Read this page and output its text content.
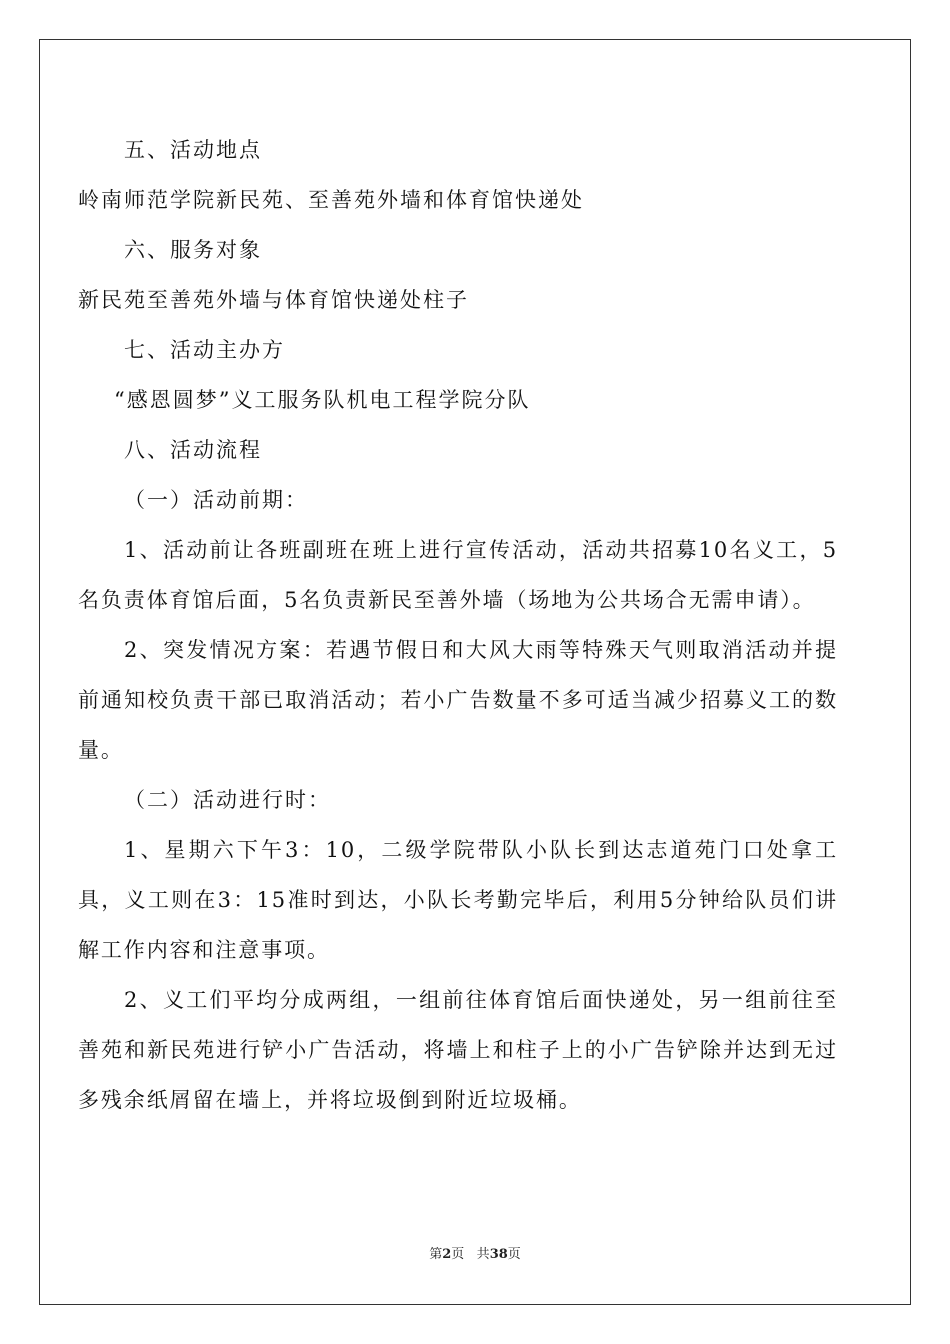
五、活动地点
岭南师范学院新民苑、至善苑外墙和体育馆快递处
六、服务对象
新民苑至善苑外墙与体育馆快递处柱子
七、活动主办方
“感恩圆梦”义工服务队机电工程学院分队
八、活动流程
（一）活动前期：
1、活动前让各班副班在班上进行宣传活动，活动共招募10名义工，5名负责体育馆后面，5名负责新民至善外墙（场地为公共场合无需申请）。
2、突发情况方案：若遇节假日和大风大雨等特殊天气则取消活动并提前通知校负责干部已取消活动；若小广告数量不多可适当减少招募义工的数量。
（二）活动进行时：
1、星期六下午3：10，二级学院带队小队长到达志道苑门口处拿工具，义工则在3：15准时到达，小队长考勤完毕后，利用5分钟给队员们讲解工作内容和注意事项。
2、义工们平均分成两组，一组前往体育馆后面快递处，另一组前往至善苑和新民苑进行铲小广告活动，将墙上和柱子上的小广告铲除并达到无过多残余纸屑留在墙上，并将垃圾倒到附近垃圾桶。
第2页 共38页
